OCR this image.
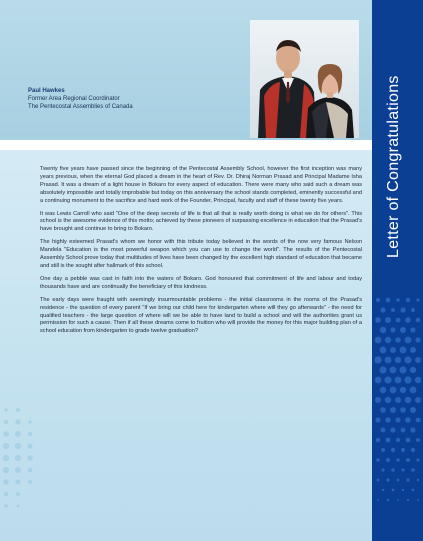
Paul Hawkes
Former Area Regional Coordinator
The Pentecostal Assemblies of Canada	Letter of Congratulations

Twenty five years have passed since the beginning of the Pentecostal Assembly School, however the first inception was many years previous, when the eternal God placed a dream in the heart of Rev. Dr. Dhiraj Norman Prasad and Principal Madame Isha Prasad. It was a dream of a light house in Bokaro for every aspect of education. There were many who said such a dream was absolutely impossible and totally improbable but today on this anniversary the school stands completed, eminently successful and a continuing monument to the sacrifice and hard work of the Founder, Principal, faculty and staff of these twenty five years.

It was Lewis Carroll who said "One of the deep secrets of life is that all that is really worth doing is what we do for others". This school is the awesome evidence of this motto; achieved by these pioneers of surpassing excellence in education that the Prasad's have brought and continue to bring to Bokaro.

The highly esteemed Prasad's whom we honor with this tribute today believed in the words of the now very famous Nelson Mandela "Education is the most powerful weapon which you can use to change the world". The results of the Pentecostal Assembly School prove today that multitudes of lives have been changed by the excellent high standard of education that became and still is the sought after hallmark of this school.

One day a pebble was cast in faith into the waters of Bokaro. God honoured that commitment of life and labour and today thousands have and are continually the beneficiary of this kindness.

The early days were fraught with seemingly insurmountable problems - the initial classrooms in the rooms of the Prasad's residence - the question of every parent "If we bring our child here for kindergarten where will they go afterwards" - the need for qualified teachers - the large question of where will we be able to have land to build a school and will the authorities grant us permission for such a cause. Then if all these dreams come to fruition who will provide the money for this major building plan of a school education from kindergarten to grade twelve graduation?
